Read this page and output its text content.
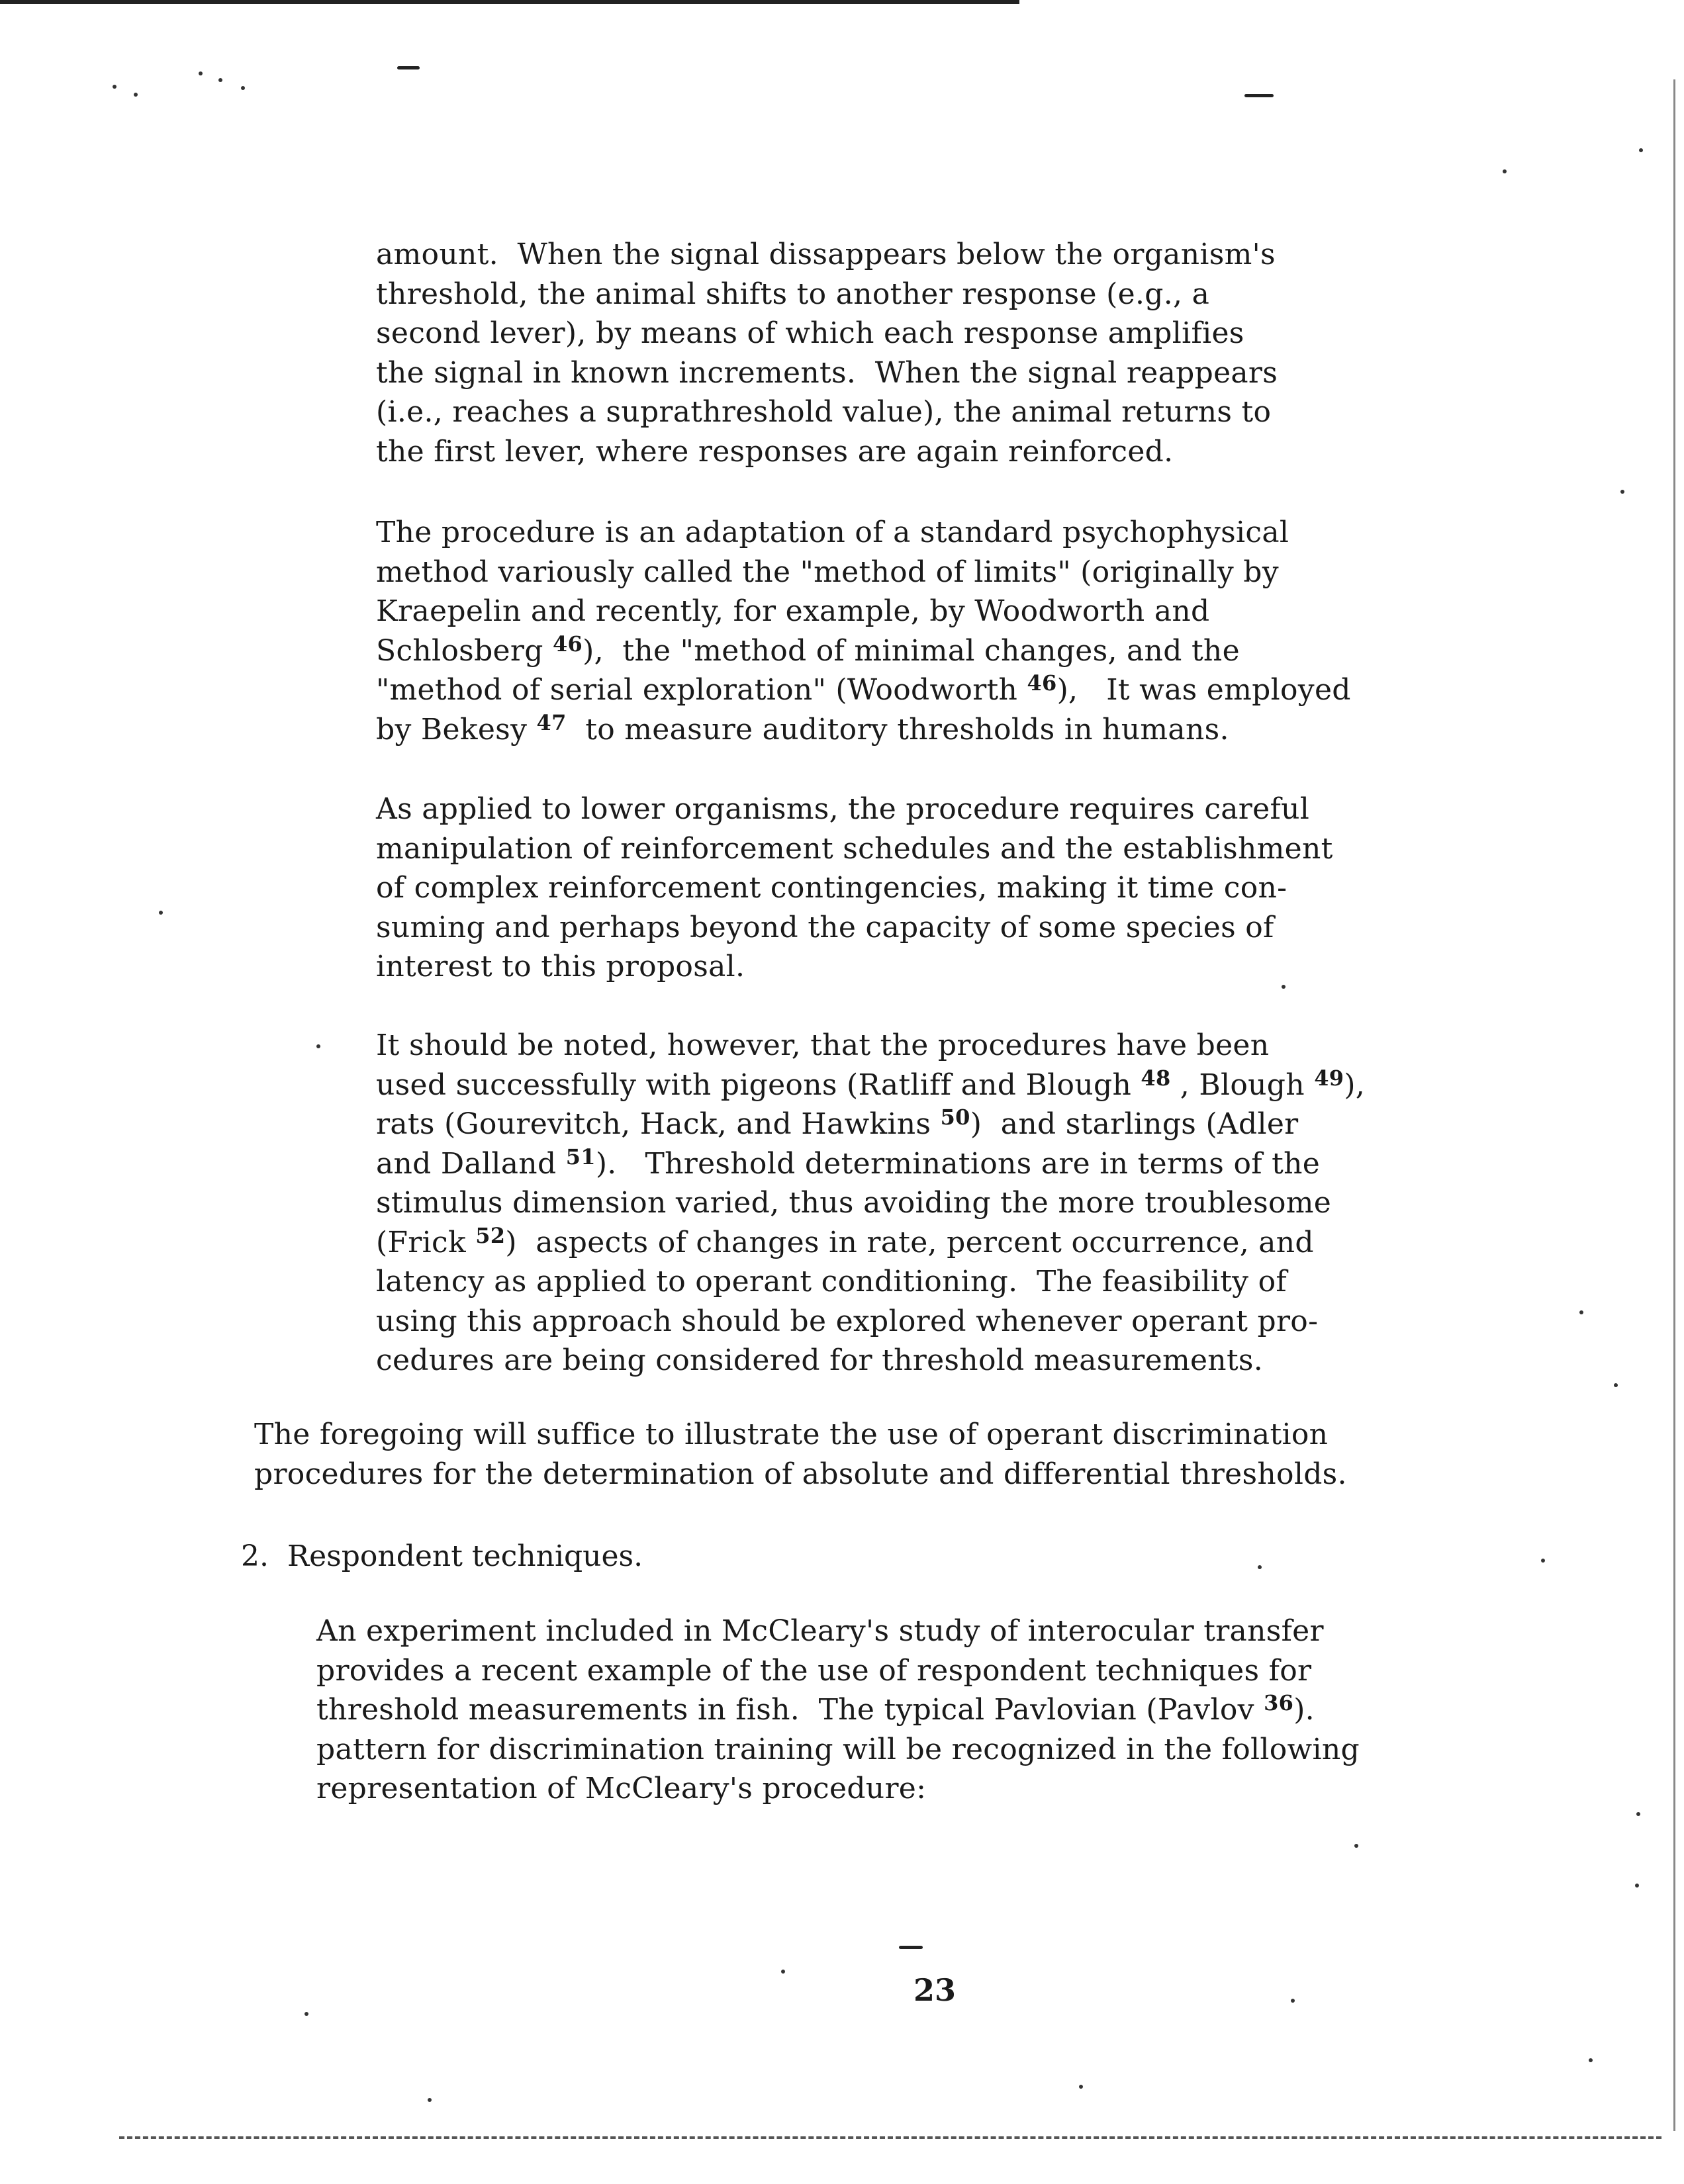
amount.  When the signal dissappears below the organism's
threshold, the animal shifts to another response (e.g., a
second lever), by means of which each response amplifies
the signal in known increments.  When the signal reappears
(i.e., reaches a suprathreshold value), the animal returns to
the first lever, where responses are again reinforced.
The procedure is an adaptation of a standard psychophysical
method variously called the "method of limits" (originally by
Kraepelin and recently, for example, by Woodworth and
Schlosberg $^{46}$),  the "method of minimal changes, and the
"method of serial exploration" (Woodworth $^{46}$),   It was employed
by Bekesy $^{47}$  to measure auditory thresholds in humans.
As applied to lower organisms, the procedure requires careful
manipulation of reinforcement schedules and the establishment
of complex reinforcement contingencies, making it time con-
suming and perhaps beyond the capacity of some species of
interest to this proposal.
It should be noted, however, that the procedures have been
used successfully with pigeons (Ratliff and Blough $^{48}$ , Blough $^{49}$),
rats (Gourevitch, Hack, and Hawkins $^{50}$)  and starlings (Adler
and Dalland $^{51}$).   Threshold determinations are in terms of the
stimulus dimension varied, thus avoiding the more troublesome
(Frick $^{52}$)  aspects of changes in rate, percent occurrence, and
latency as applied to operant conditioning.  The feasibility of
using this approach should be explored whenever operant pro-
cedures are being considered for threshold measurements.
The foregoing will suffice to illustrate the use of operant discrimination
procedures for the determination of absolute and differential thresholds.

2.  Respondent techniques.

An experiment included in McCleary's study of interocular transfer
provides a recent example of the use of respondent techniques for
threshold measurements in fish.  The typical Pavlovian (Pavlov $^{36}$).
pattern for discrimination training will be recognized in the following
representation of McCleary's procedure:

23
